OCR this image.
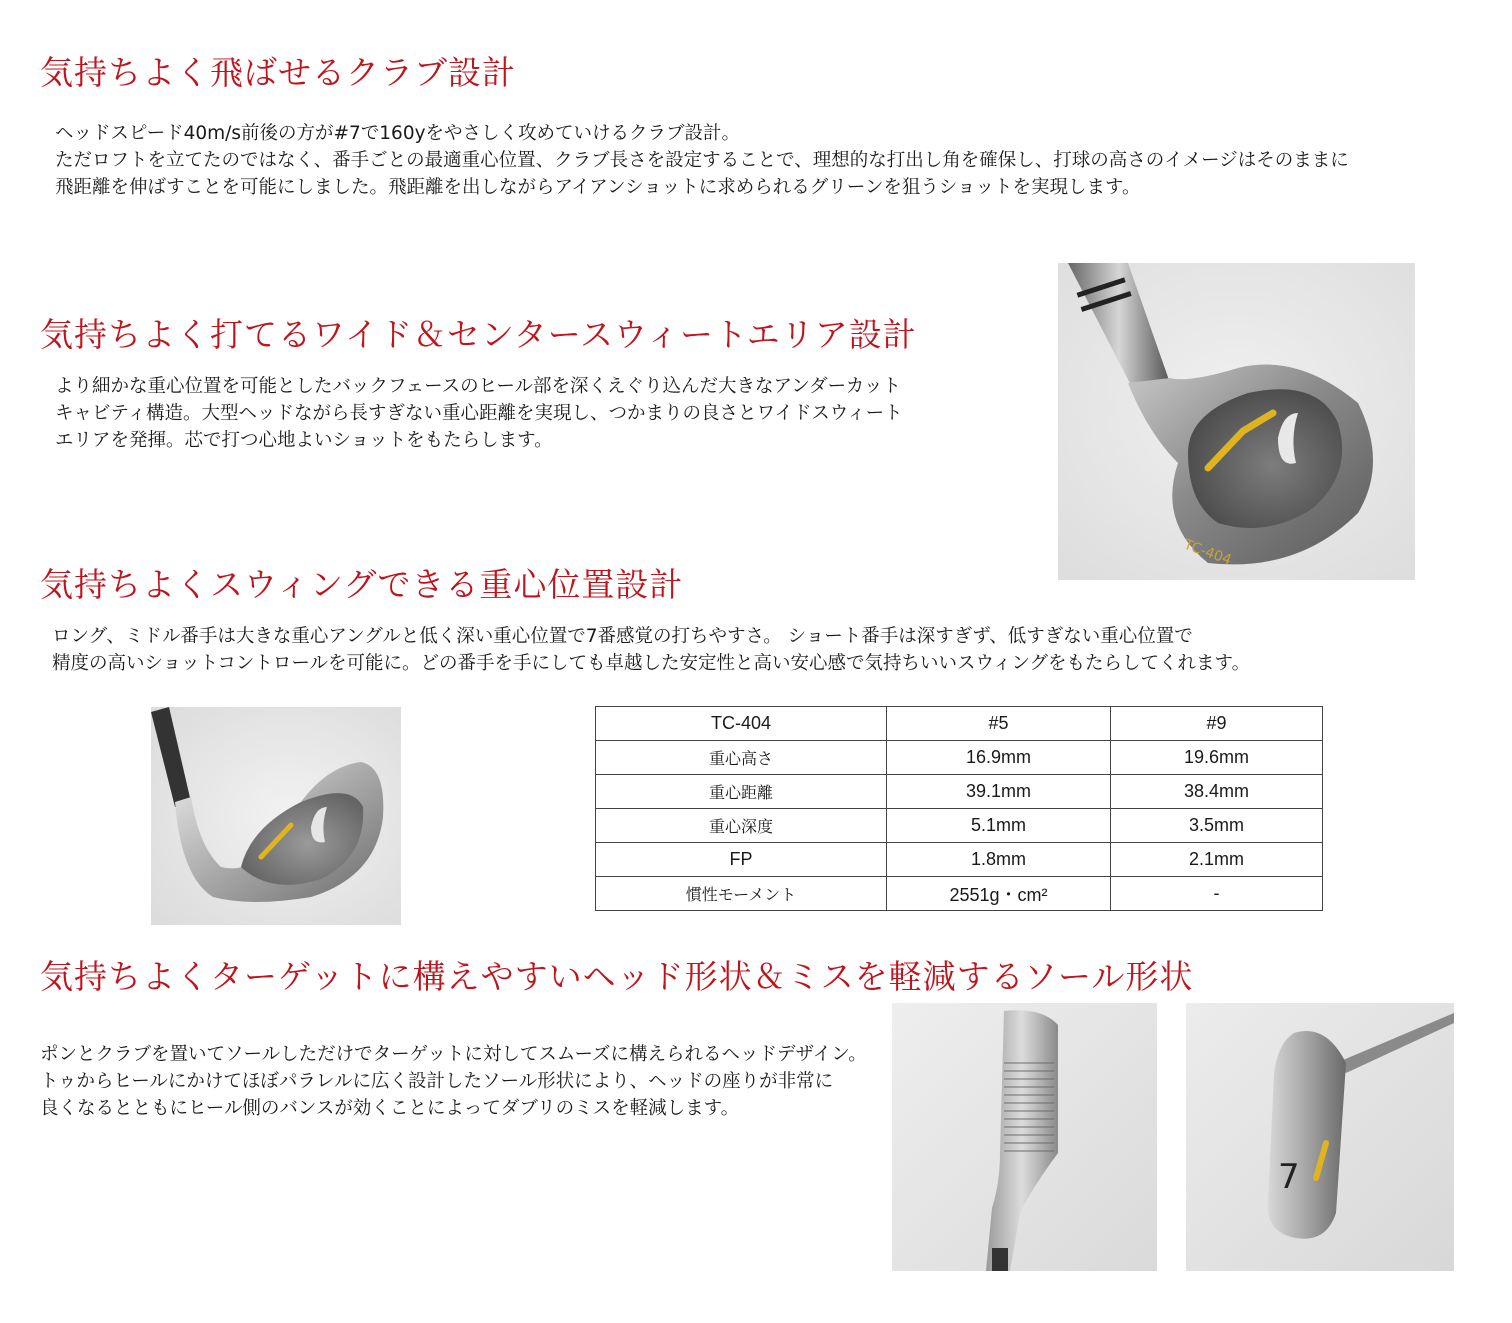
気持ちよく飛ばせるクラブ設計

ヘッドスピード40m/s前後の方が#7で160yをやさしく攻めていけるクラブ設計。

ただロフトを立てたのではなく、番手ごとの最適重心位置、クラブ長さを設定することで、理想的な打出し角を確保し、打球の高さのイメージはそのままに

飛距離を伸ばすことを可能にしました。飛距離を出しながらアイアンショットに求められるグリーンを狙うショットを実現します。

気持ちよく打てるワイド＆センタースウィートエリア設計

より細かな重心位置を可能としたバックフェースのヒール部を深くえぐり込んだ大きなアンダーカット

キャビティ構造。大型ヘッドながら長すぎない重心距離を実現し、つかまりの良さとワイドスウィート

エリアを発揮。芯で打つ心地よいショットをもたらします。

TC-404
気持ちよくスウィングできる重心位置設計

ロング、ミドル番手は大きな重心アングルと低く深い重心位置で7番感覚の打ちやすさ。 ショート番手は深すぎず、低すぎない重心位置で

精度の高いショットコントロールを可能に。どの番手を手にしても卓越した安定性と高い安心感で気持ちいいスウィングをもたらしてくれます。

TC-404	#5	#9
重心高さ	16.9mm	19.6mm
重心距離	39.1mm	38.4mm
重心深度	5.1mm	3.5mm
FP	1.8mm	2.1mm
慣性モーメント	2551g・cm²	-
気持ちよくターゲットに構えやすいヘッド形状＆ミスを軽減するソール形状

ポンとクラブを置いてソールしただけでターゲットに対してスムーズに構えられるヘッドデザイン。

トゥからヒールにかけてほぼパラレルに広く設計したソール形状により、ヘッドの座りが非常に

良くなるとともにヒール側のバンスが効くことによってダブリのミスを軽減します。

7
